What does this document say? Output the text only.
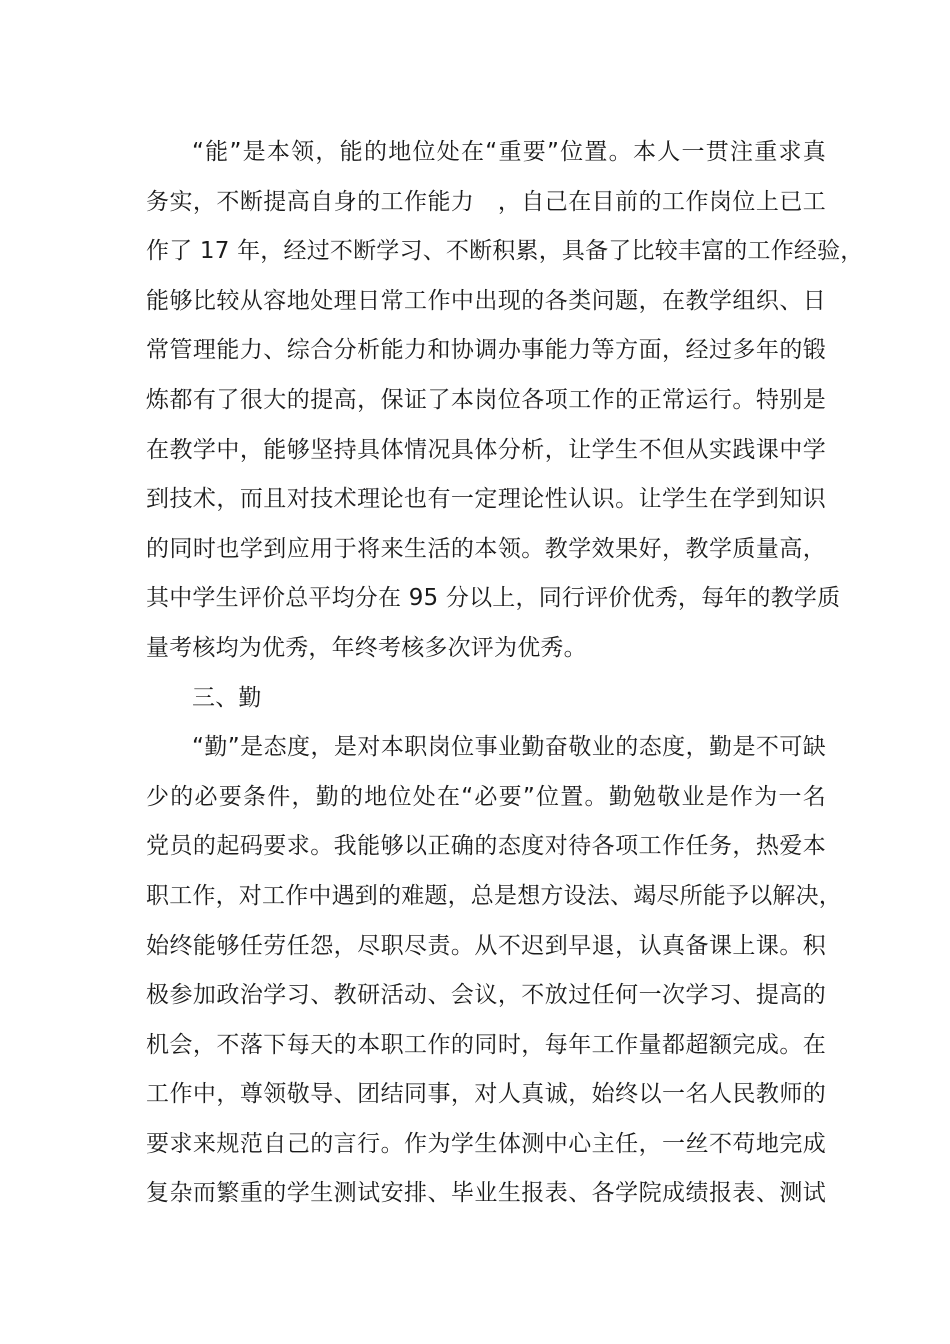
“能”是本领，能的地位处在“重要”位置。本人一贯注重求真
务实，不断提高自身的工作能力　，自己在目前的工作岗位上已工
作了 17 年，经过不断学习、不断积累，具备了比较丰富的工作经验，
能够比较从容地处理日常工作中出现的各类问题，在教学组织、日
常管理能力、综合分析能力和协调办事能力等方面，经过多年的锻
炼都有了很大的提高，保证了本岗位各项工作的正常运行。特别是
在教学中，能够坚持具体情况具体分析，让学生不但从实践课中学
到技术，而且对技术理论也有一定理论性认识。让学生在学到知识
的同时也学到应用于将来生活的本领。教学效果好，教学质量高，
其中学生评价总平均分在 95 分以上，同行评价优秀，每年的教学质
量考核均为优秀，年终考核多次评为优秀。
三、勤
“勤”是态度，是对本职岗位事业勤奋敬业的态度，勤是不可缺
少的必要条件，勤的地位处在“必要”位置。勤勉敬业是作为一名
党员的起码要求。我能够以正确的态度对待各项工作任务，热爱本
职工作，对工作中遇到的难题，总是想方设法、竭尽所能予以解决，
始终能够任劳任怨，尽职尽责。从不迟到早退，认真备课上课。积
极参加政治学习、教研活动、会议，不放过任何一次学习、提高的
机会，不落下每天的本职工作的同时，每年工作量都超额完成。在
工作中，尊领敬导、团结同事，对人真诚，始终以一名人民教师的
要求来规范自己的言行。作为学生体测中心主任，一丝不苟地完成
复杂而繁重的学生测试安排、毕业生报表、各学院成绩报表、测试
